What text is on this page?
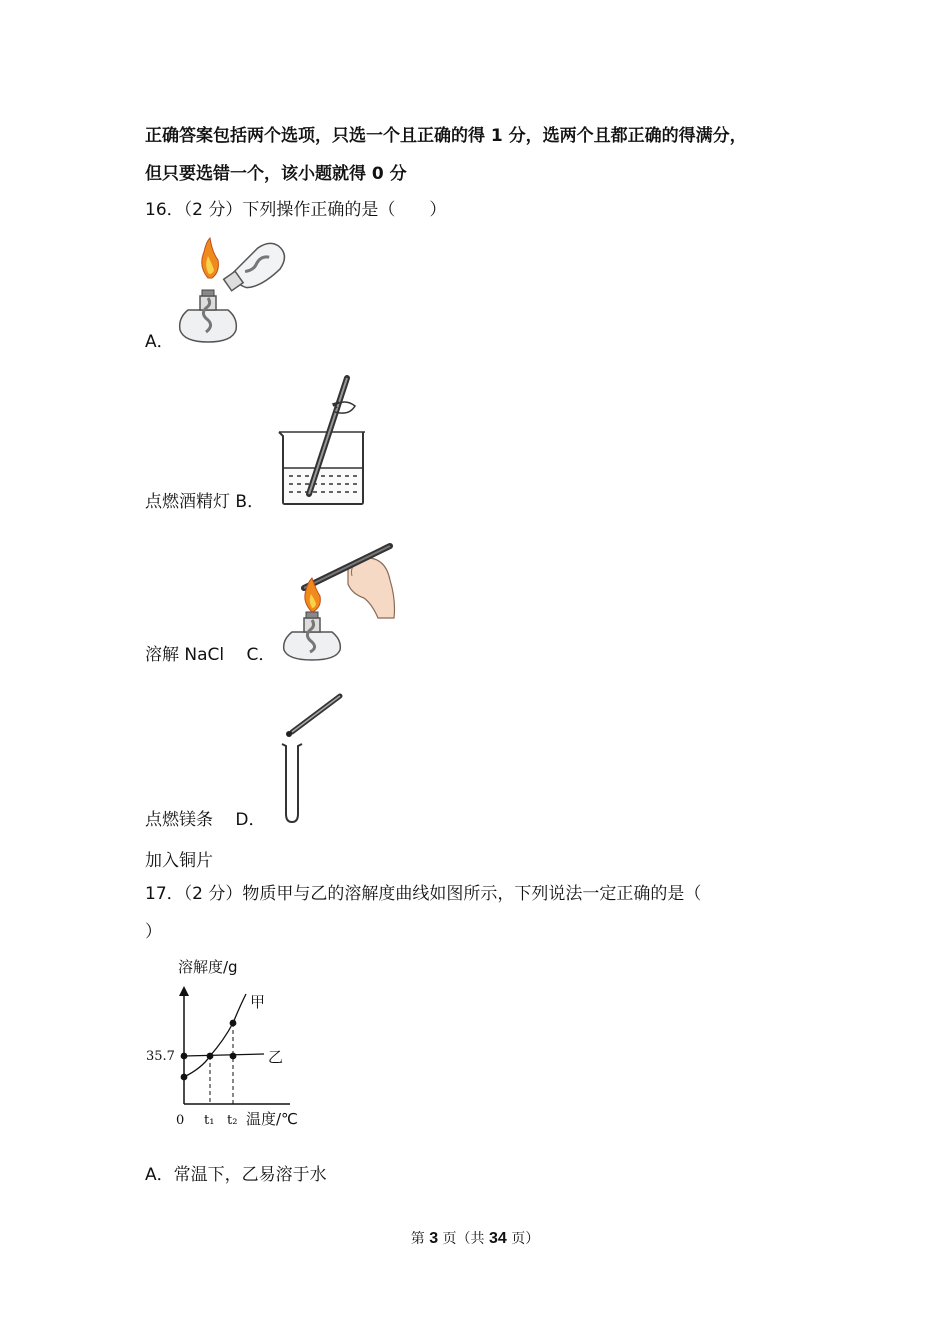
正确答案包括两个选项，只选一个且正确的得 1 分，选两个且都正确的得满分，
但只要选错一个，该小题就得 0 分
16．（2 分）下列操作正确的是（　　）
A．
点燃酒精灯 B．
溶解 NaCl　 C．
点燃镁条　 D．
加入铜片
17．（2 分）物质甲与乙的溶解度曲线如图所示，下列说法一定正确的是（
）
溶解度/g
甲
乙
35.7
0 t₁ t₂ 温度/℃
A．常温下，乙易溶于水
第 3 页（共 34 页）
